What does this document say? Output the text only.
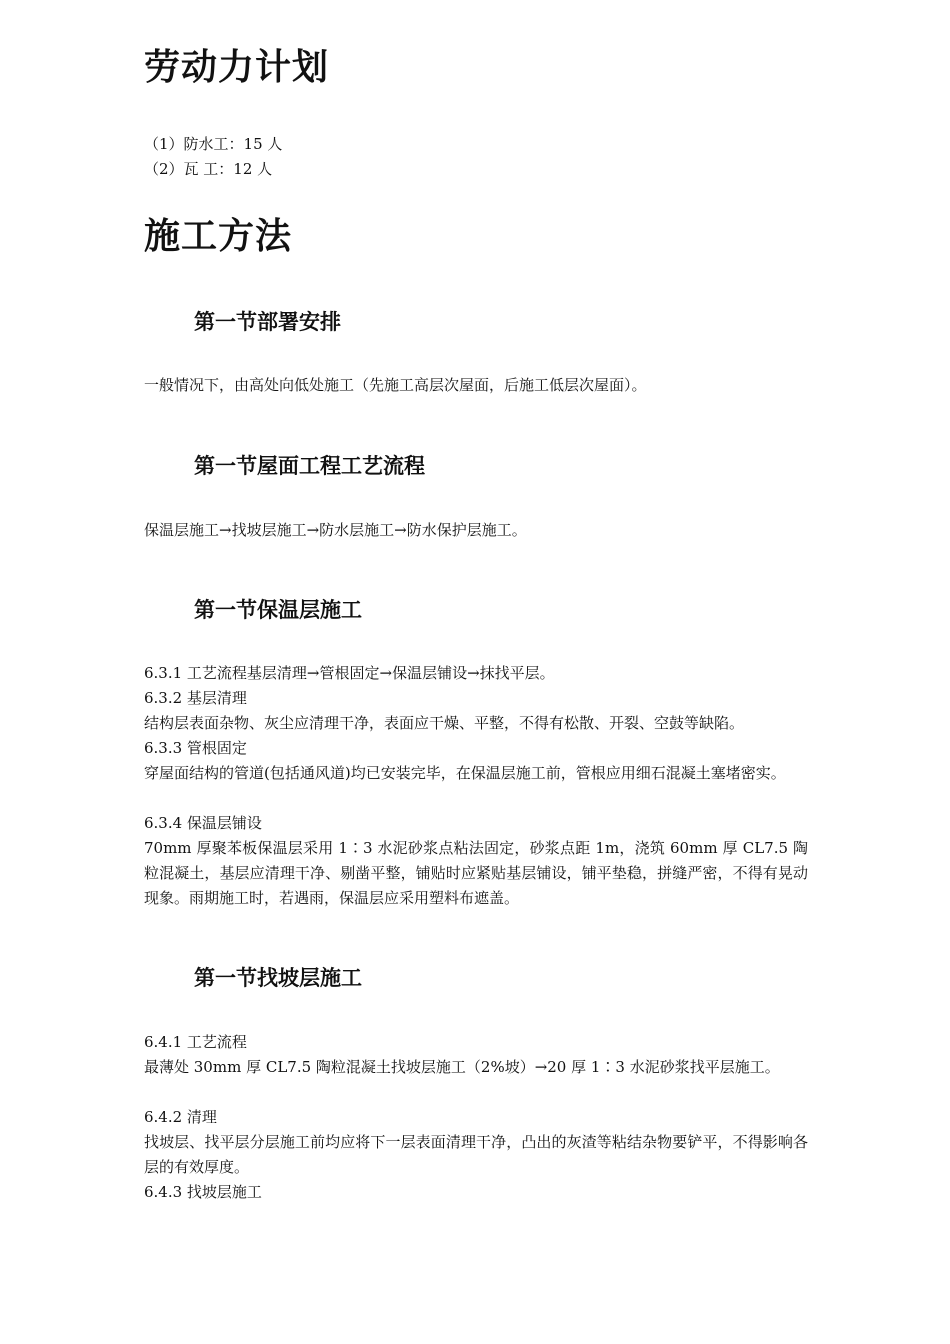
劳动力计划
（1）防水工：15 人
（2）瓦 工：12 人
施工方法
第一节部署安排
一般情况下，由高处向低处施工（先施工高层次屋面，后施工低层次屋面）。
第一节屋面工程工艺流程
保温层施工→找坡层施工→防水层施工→防水保护层施工。
第一节保温层施工
6.3.1 工艺流程基层清理→管根固定→保温层铺设→抹找平层。
6.3.2 基层清理
结构层表面杂物、灰尘应清理干净，表面应干燥、平整，不得有松散、开裂、空鼓等缺陷。
6.3.3 管根固定
穿屋面结构的管道(包括通风道)均已安装完毕，在保温层施工前，管根应用细石混凝土塞堵密实。
6.3.4 保温层铺设
70mm 厚聚苯板保温层采用 1∶3 水泥砂浆点粘法固定，砂浆点距 1m，浇筑 60mm 厚 CL7.5 陶粒混凝土，基层应清理干净、剔凿平整，铺贴时应紧贴基层铺设，铺平垫稳，拼缝严密，不得有晃动现象。雨期施工时，若遇雨，保温层应采用塑料布遮盖。
第一节找坡层施工
6.4.1 工艺流程
最薄处 30mm 厚 CL7.5 陶粒混凝土找坡层施工（2%坡）→20 厚 1∶3 水泥砂浆找平层施工。
6.4.2 清理
找坡层、找平层分层施工前均应将下一层表面清理干净，凸出的灰渣等粘结杂物要铲平，不得影响各层的有效厚度。
6.4.3 找坡层施工
